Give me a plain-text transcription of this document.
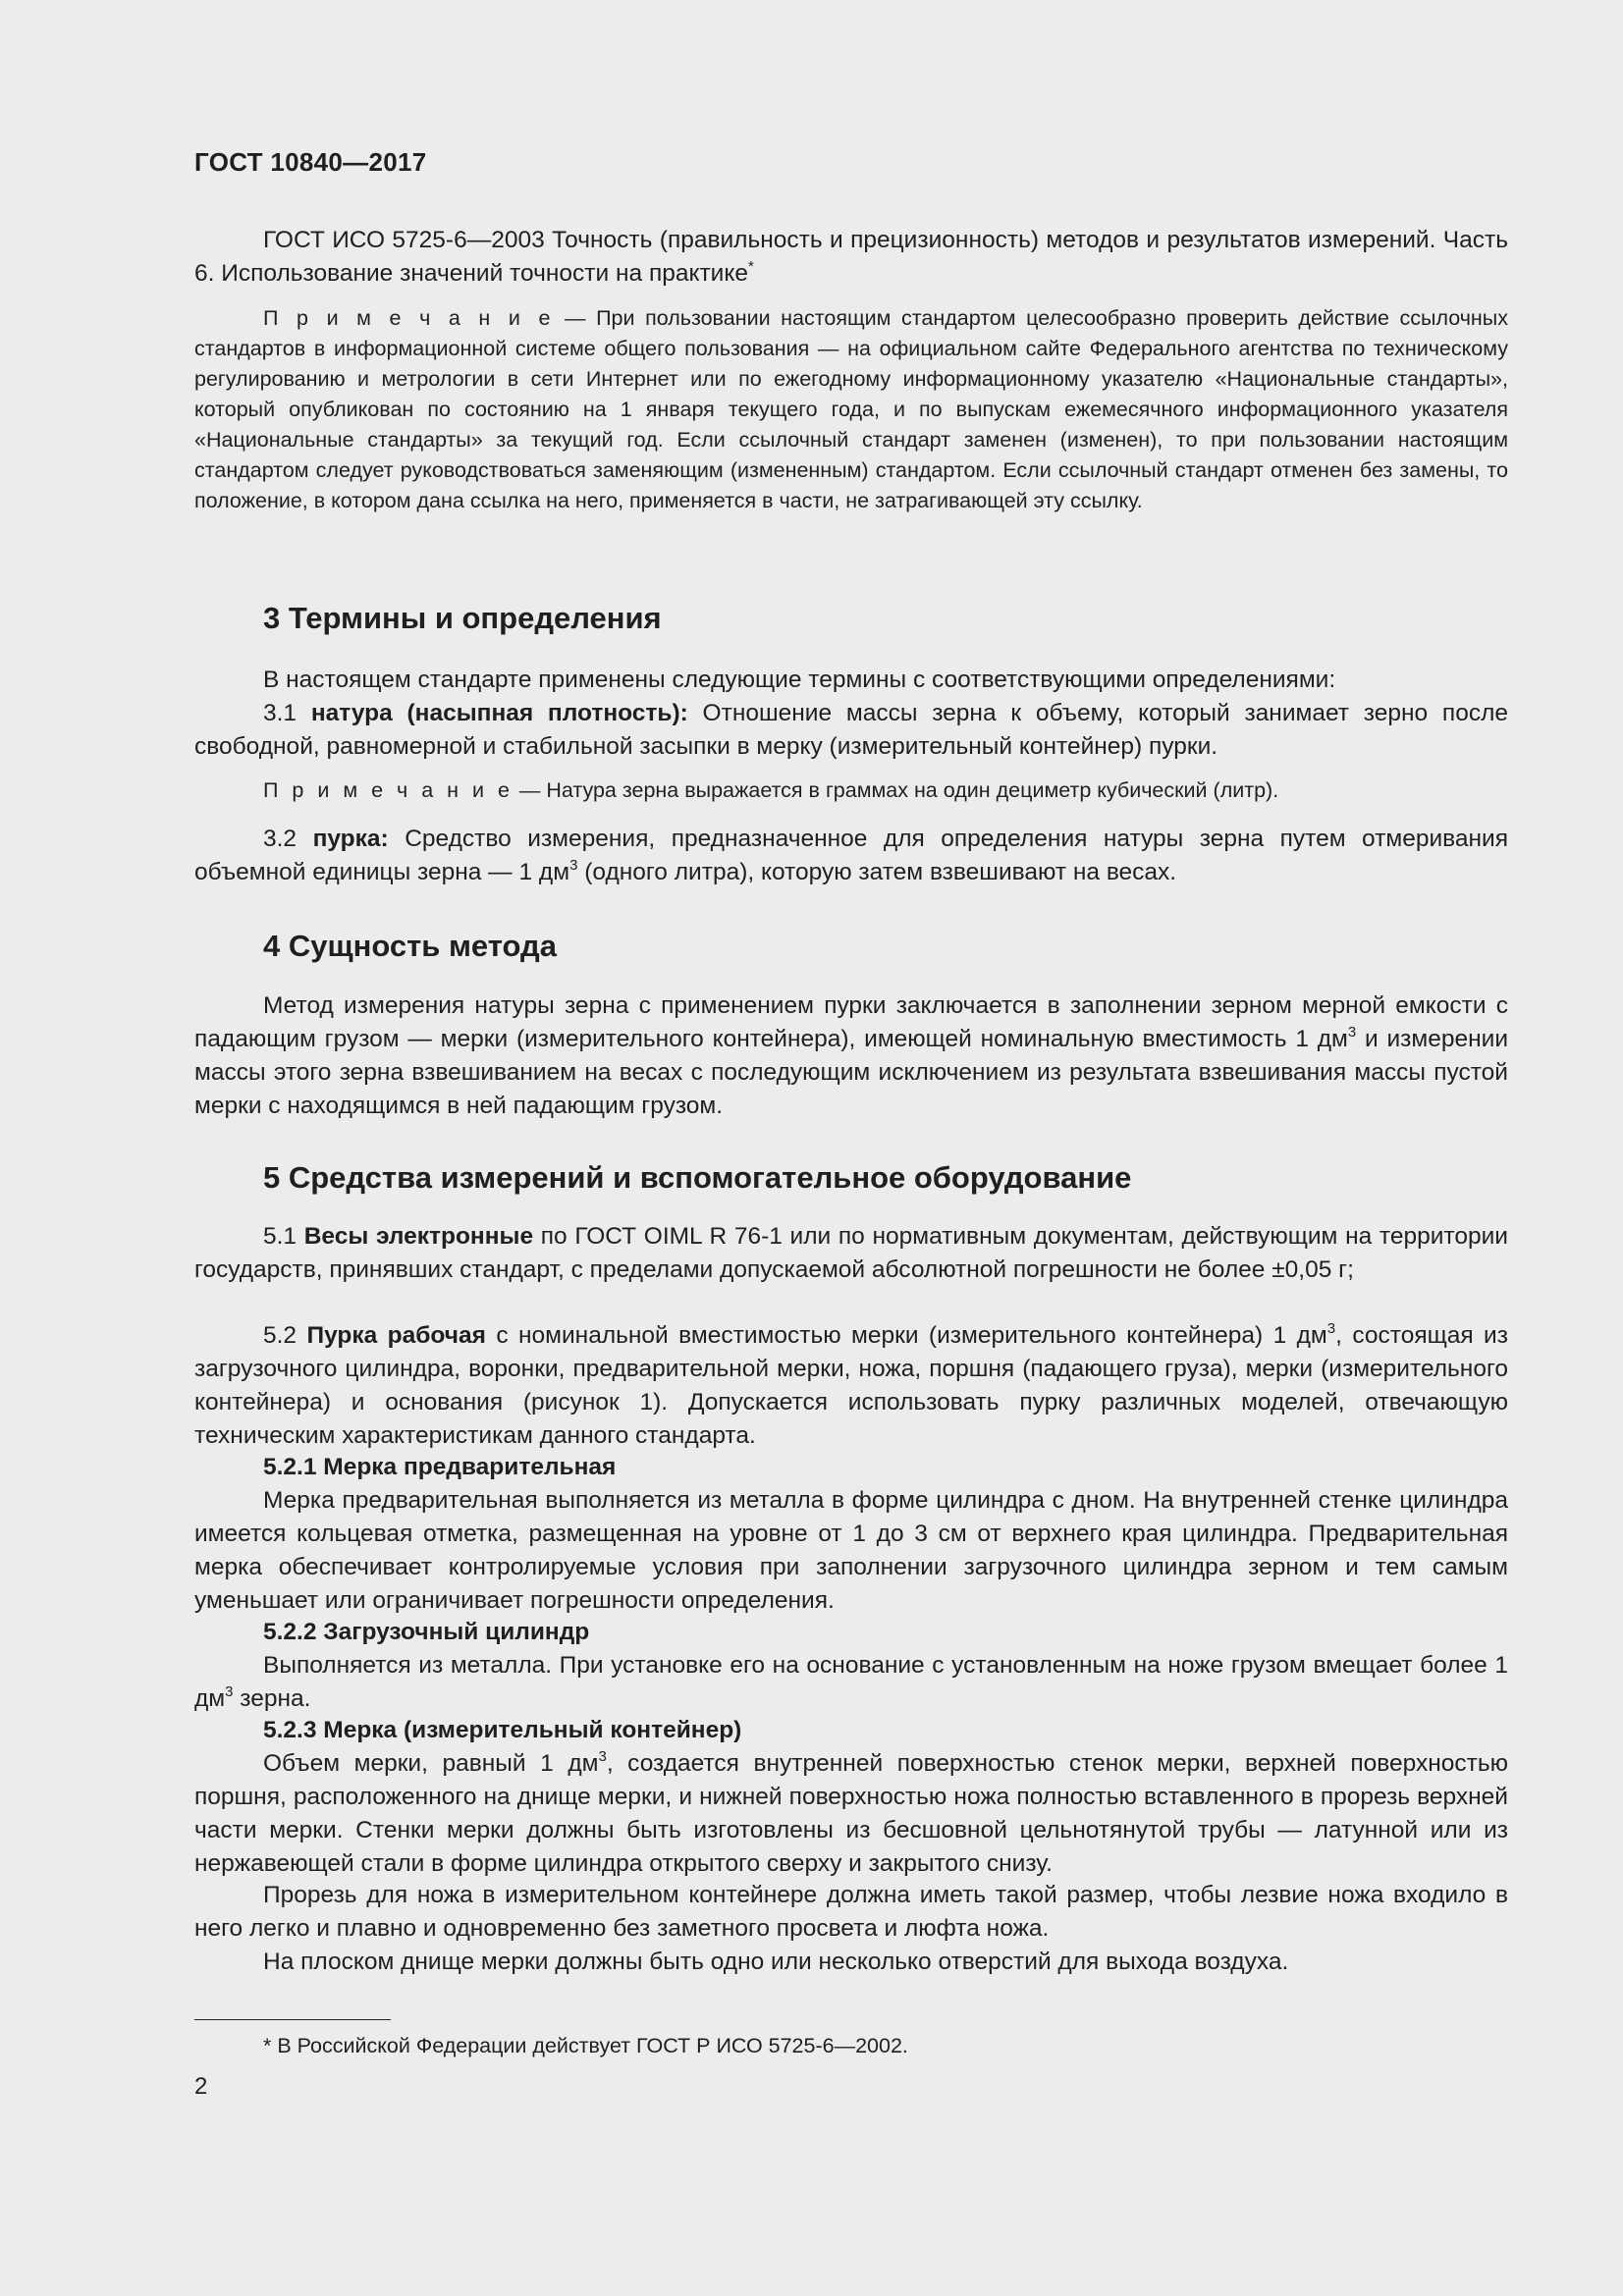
ГОСТ 10840—2017

ГОСТ ИСО 5725-6—2003 Точность (правильность и прецизионность) методов и результатов измерений. Часть 6. Использование значений точности на практике*

П р и м е ч а н и е — При пользовании настоящим стандартом целесообразно проверить действие ссылочных стандартов в информационной системе общего пользования — на официальном сайте Федерального агентства по техническому регулированию и метрологии в сети Интернет или по ежегодному информационному указателю «Национальные стандарты», который опубликован по состоянию на 1 января текущего года, и по выпускам ежемесячного информационного указателя «Национальные стандарты» за текущий год. Если ссылочный стандарт заменен (изменен), то при пользовании настоящим стандартом следует руководствоваться заменяющим (измененным) стандартом. Если ссылочный стандарт отменен без замены, то положение, в котором дана ссылка на него, применяется в части, не затрагивающей эту ссылку.

3 Термины и определения

В настоящем стандарте применены следующие термины с соответствующими определениями:

3.1 натура (насыпная плотность): Отношение массы зерна к объему, который занимает зерно после свободной, равномерной и стабильной засыпки в мерку (измерительный контейнер) пурки.

П р и м е ч а н и е — Натура зерна выражается в граммах на один дециметр кубический (литр).

3.2 пурка: Средство измерения, предназначенное для определения натуры зерна путем отмеривания объемной единицы зерна — 1 $дм^3$ (одного литра), которую затем взвешивают на весах.

4 Сущность метода

Метод измерения натуры зерна с применением пурки заключается в заполнении зерном мерной емкости с падающим грузом — мерки (измерительного контейнера), имеющей номинальную вместимость 1 $дм^3$ и измерении массы этого зерна взвешиванием на весах с последующим исключением из результата взвешивания массы пустой мерки с находящимся в ней падающим грузом.

5 Средства измерений и вспомогательное оборудование

5.1 Весы электронные по ГОСТ OIML R 76-1 или по нормативным документам, действующим на территории государств, принявших стандарт, с пределами допускаемой абсолютной погрешности не более ±0,05 г;

5.2 Пурка рабочая с номинальной вместимостью мерки (измерительного контейнера) 1 $дм^3$, состоящая из загрузочного цилиндра, воронки, предварительной мерки, ножа, поршня (падающего груза), мерки (измерительного контейнера) и основания (рисунок 1). Допускается использовать пурку различных моделей, отвечающую техническим характеристикам данного стандарта.

5.2.1 Мерка предварительная

Мерка предварительная выполняется из металла в форме цилиндра с дном. На внутренней стенке цилиндра имеется кольцевая отметка, размещенная на уровне от 1 до 3 см от верхнего края цилиндра. Предварительная мерка обеспечивает контролируемые условия при заполнении загрузочного цилиндра зерном и тем самым уменьшает или ограничивает погрешности определения.

5.2.2 Загрузочный цилиндр

Выполняется из металла. При установке его на основание с установленным на ноже грузом вмещает более 1 $дм^3$ зерна.

5.2.3 Мерка (измерительный контейнер)

Объем мерки, равный 1 $дм^3$, создается внутренней поверхностью стенок мерки, верхней поверхностью поршня, расположенного на днище мерки, и нижней поверхностью ножа полностью вставленного в прорезь верхней части мерки. Стенки мерки должны быть изготовлены из бесшовной цельнотянутой трубы — латунной или из нержавеющей стали в форме цилиндра открытого сверху и закрытого снизу.

Прорезь для ножа в измерительном контейнере должна иметь такой размер, чтобы лезвие ножа входило в него легко и плавно и одновременно без заметного просвета и люфта ножа.

На плоском днище мерки должны быть одно или несколько отверстий для выхода воздуха.

* В Российской Федерации действует ГОСТ Р ИСО 5725-6—2002.
2
